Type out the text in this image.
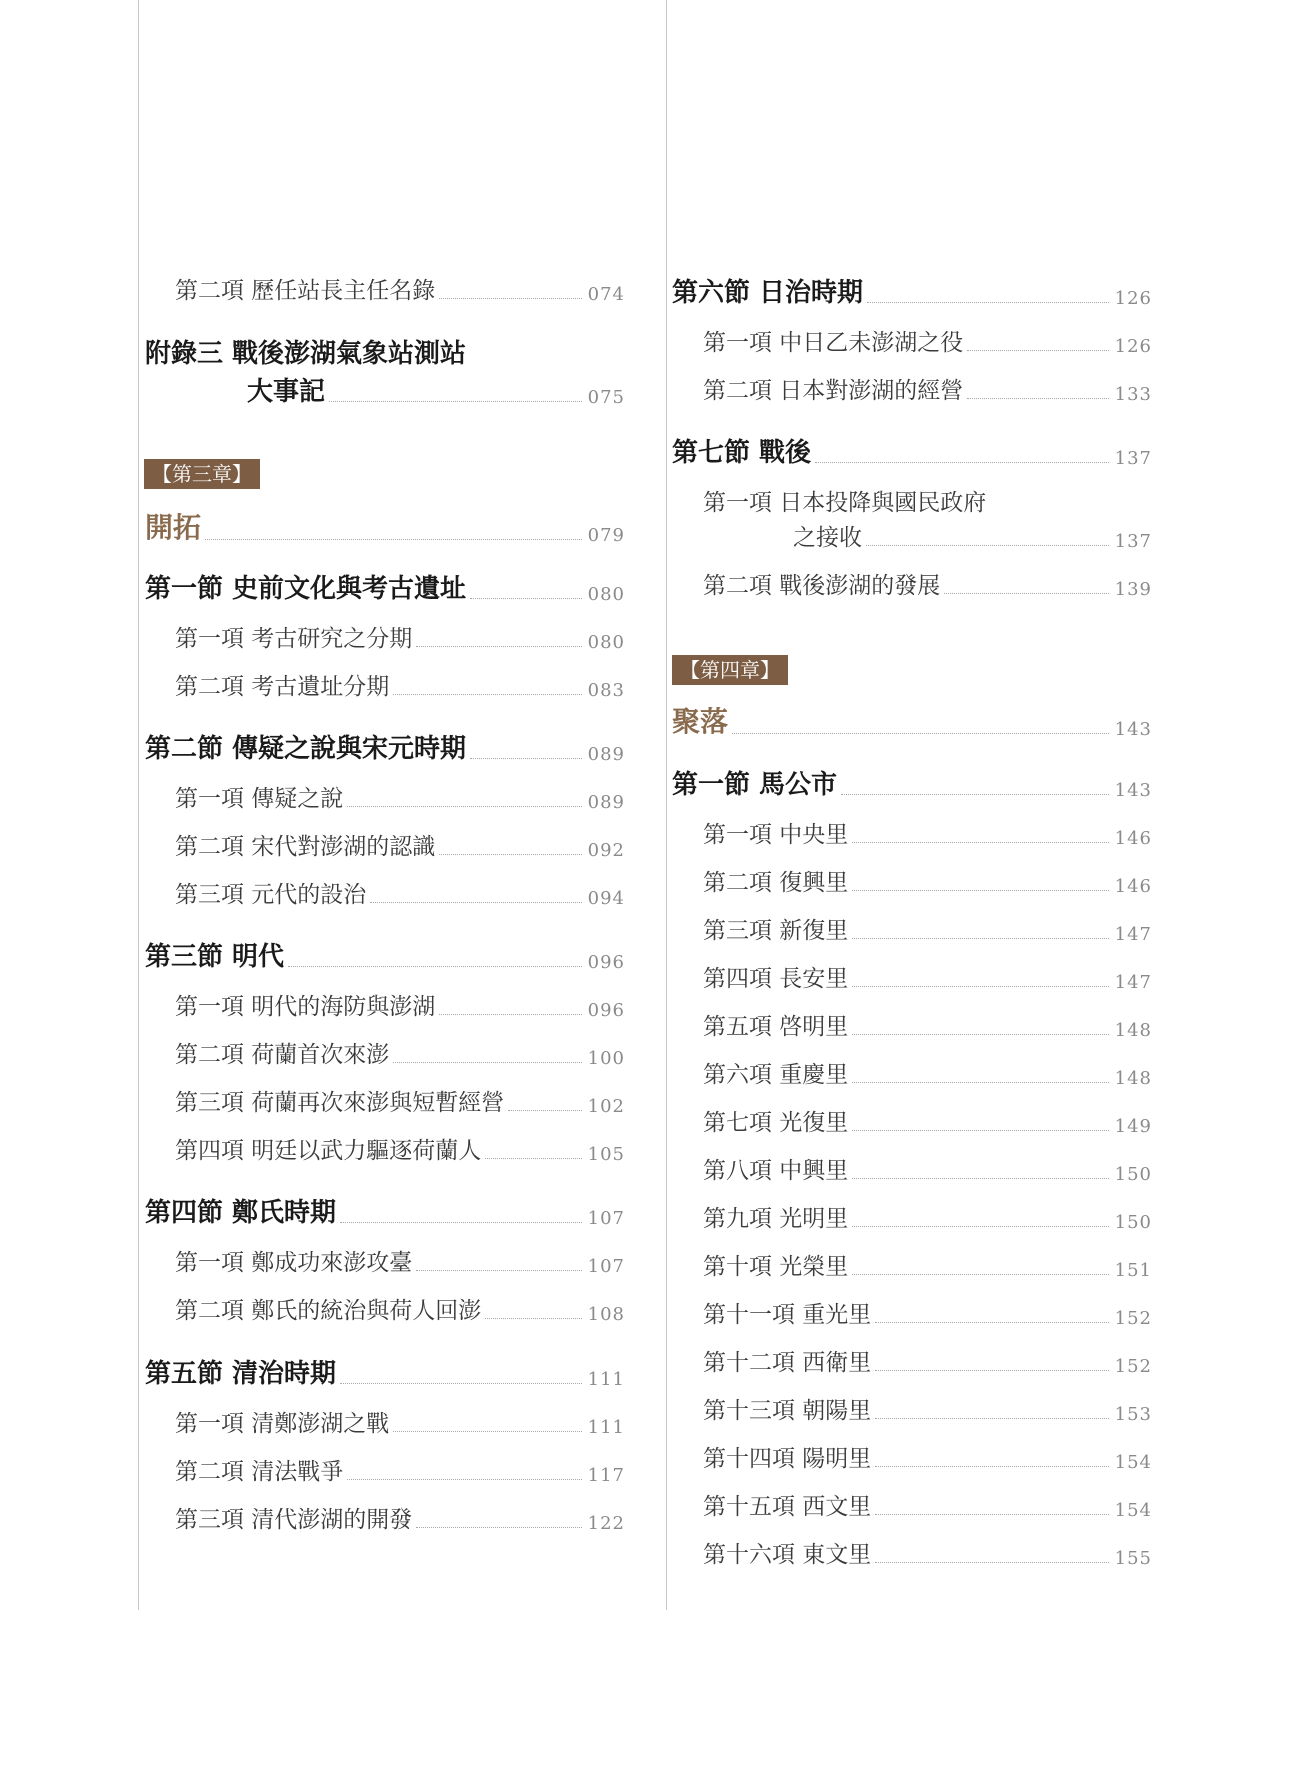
第二項 歷任站長主任名錄	074
附錄三 戰後澎湖氣象站測站
大事記	075
【第三章】
開拓	079
第一節 史前文化與考古遺址	080
第一項 考古研究之分期	080
第二項 考古遺址分期	083
第二節 傳疑之說與宋元時期	089
第一項 傳疑之說	089
第二項 宋代對澎湖的認識	092
第三項 元代的設治	094
第三節 明代	096
第一項 明代的海防與澎湖	096
第二項 荷蘭首次來澎	100
第三項 荷蘭再次來澎與短暫經營	102
第四項 明廷以武力驅逐荷蘭人	105
第四節 鄭氏時期	107
第一項 鄭成功來澎攻臺	107
第二項 鄭氏的統治與荷人回澎	108
第五節 清治時期	111
第一項 清鄭澎湖之戰	111
第二項 清法戰爭	117
第三項 清代澎湖的開發	122
第六節 日治時期	126
第一項 中日乙未澎湖之役	126
第二項 日本對澎湖的經營	133
第七節 戰後	137
第一項 日本投降與國民政府
之接收	137
第二項 戰後澎湖的發展	139
【第四章】
聚落	143
第一節 馬公市	143
第一項 中央里	146
第二項 復興里	146
第三項 新復里	147
第四項 長安里	147
第五項 啓明里	148
第六項 重慶里	148
第七項 光復里	149
第八項 中興里	150
第九項 光明里	150
第十項 光榮里	151
第十一項 重光里	152
第十二項 西衛里	152
第十三項 朝陽里	153
第十四項 陽明里	154
第十五項 西文里	154
第十六項 東文里	155
